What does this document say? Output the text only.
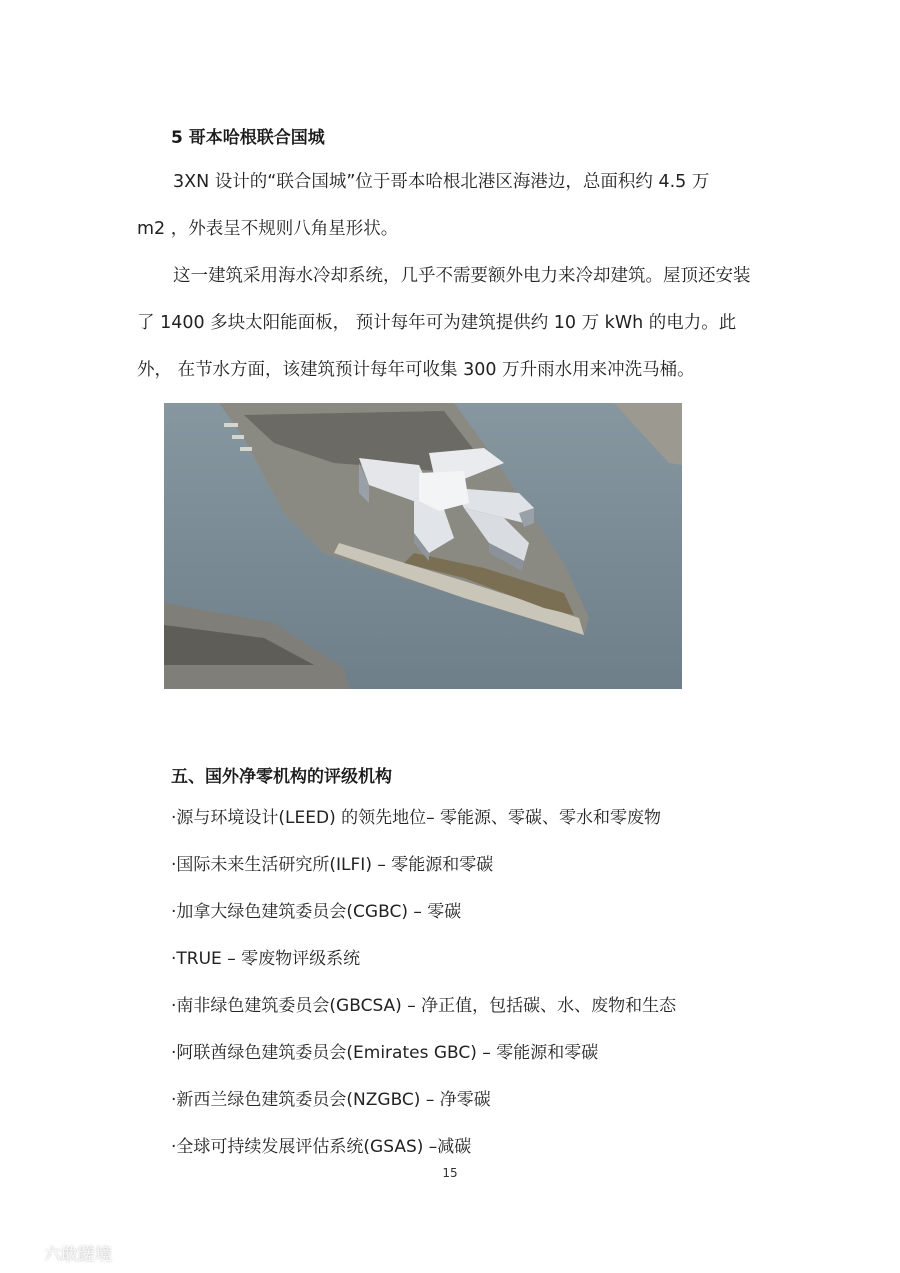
5 哥本哈根联合国城
3XN 设计的“联合国城”位于哥本哈根北港区海港边，总面积约 4.5 万
m2 ，外表呈不规则八角星形状。
这一建筑采用海水冷却系统，几乎不需要额外电力来冷却建筑。屋顶还安装
了 1400 多块太阳能面板， 预计每年可为建筑提供约 10 万 kWh 的电力。此
外， 在节水方面，该建筑预计每年可收集 300 万升雨水用来冲洗马桶。
五、国外净零机构的评级机构
·源与环境设计(LEED) 的领先地位– 零能源、零碳、零水和零废物
·国际未来生活研究所(ILFI) – 零能源和零碳
·加拿大绿色建筑委员会(CGBC) – 零碳
·TRUE – 零废物评级系统
·南非绿色建筑委员会(GBCSA) – 净正值，包括碳、水、废物和生态
·阿联酋绿色建筑委员会(Emirates GBC) – 零能源和零碳
·新西兰绿色建筑委员会(NZGBC) – 净零碳
·全球可持续发展评估系统(GSAS) –减碳
15
六敢蹉境
